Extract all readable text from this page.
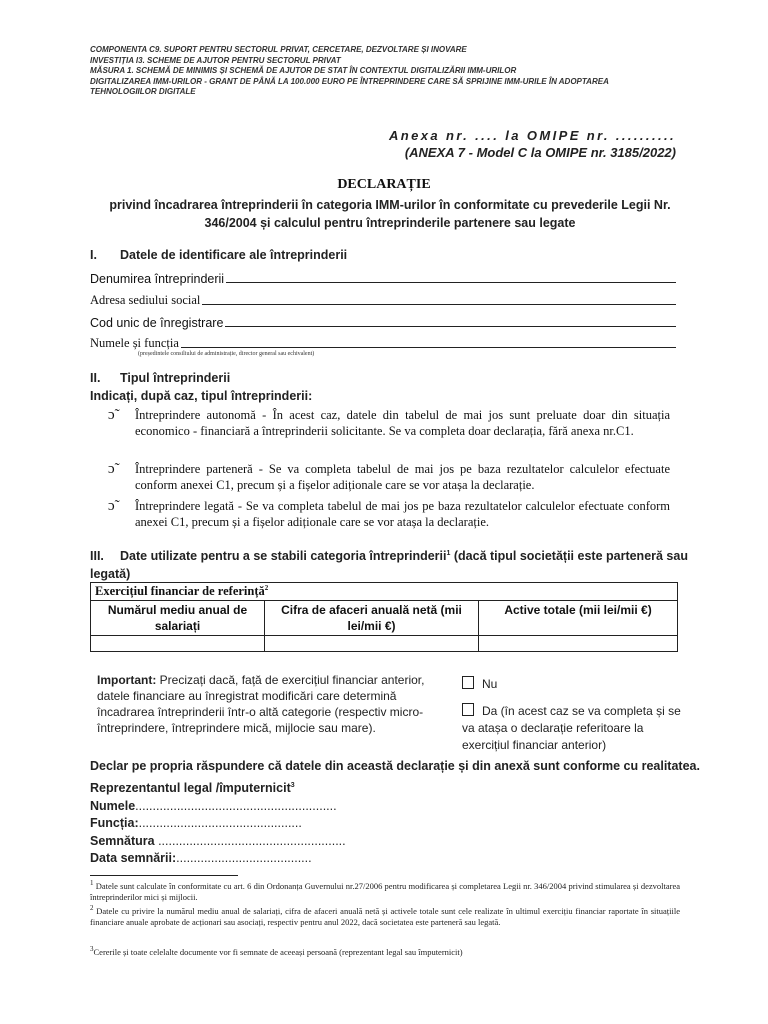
COMPONENTA C9. SUPORT PENTRU SECTORUL PRIVAT, CERCETARE, DEZVOLTARE ȘI INOVARE
INVESTIȚIA I3. SCHEME DE AJUTOR PENTRU SECTORUL PRIVAT
MĂSURA 1. SCHEMĂ DE MINIMIS ȘI SCHEMĂ DE AJUTOR DE STAT ÎN CONTEXTUL DIGITALIZĂRII IMM-URILOR
DIGITALIZAREA IMM-URILOR - GRANT DE PÂNĂ LA 100.000 EURO PE ÎNTREPRINDERE CARE SĂ SPRIJINE IMM-URILE ÎN ADOPTAREA
TEHNOLOGIILOR DIGITALE
Anexa nr. .... la OMIPE nr. ..........
(ANEXA 7 - Model C la OMIPE nr. 3185/2022)
DECLARAȚIE
privind încadrarea întreprinderii în categoria IMM-urilor în conformitate cu prevederile Legii Nr. 346/2004 și calculul pentru întreprinderile partenere sau legate
I. Datele de identificare ale întreprinderii
Denumirea întreprinderii
Adresa sediului social
Cod unic de înregistrare
Numele și funcția
(președintele consiliului de administrație, director general sau echivalent)
II. Tipul întreprinderii
Indicați, după caz, tipul întreprinderii:
ɔ̃	Întreprindere autonomă - În acest caz, datele din tabelul de mai jos sunt preluate doar din situația economico - financiară a întreprinderii solicitante. Se va completa doar declarația, fără anexa nr.C1.
ɔ̃	Întreprindere parteneră - Se va completa tabelul de mai jos pe baza rezultatelor calculelor efectuate conform anexei C1, precum și a fișelor adiționale care se vor atașa la declarație.
ɔ̃	Întreprindere legată - Se va completa tabelul de mai jos pe baza rezultatelor calculelor efectuate conform anexei C1, precum și a fișelor adiționale care se vor atașa la declarație.
III. Date utilizate pentru a se stabili categoria întreprinderii$^1$ (dacă tipul societății este parteneră sau
legată)
Exercițiul financiar de referință$^2$
Numărul mediu anual de salariați	Cifra de afaceri anuală netă (mii lei/mii €)	Active totale (mii lei/mii €)

Important: Precizați dacă, față de exercițiul financiar anterior, datele financiare au înregistrat modificări care determină încadrarea întreprinderii într-o altă categorie (respectiv micro-întreprindere, întreprindere mică, mijlocie sau mare).
Nu
Da (în acest caz se va completa și se va atașa o declarație referitoare la exercițiul financiar anterior)
Declar pe propria răspundere că datele din această declarație și din anexă sunt conforme cu realitatea.
Reprezentantul legal /împuternicit$^3$
Numele..........................................................
Funcția:...............................................
Semnătura ......................................................
Data semnării:.......................................
$^1$ Datele sunt calculate în conformitate cu art. 6 din Ordonanța Guvernului nr.27/2006 pentru modificarea și completarea Legii nr. 346/2004 privind stimularea și dezvoltarea întreprinderilor mici și mijlocii.
$^2$ Datele cu privire la numărul mediu anual de salariați, cifra de afaceri anuală netă și activele totale sunt cele realizate în ultimul exercițiu financiar raportate în situațiile financiare anuale aprobate de acționari sau asociați, respectiv pentru anul 2022, dacă societatea este parteneră sau legată.
$^3$Cererile și toate celelalte documente vor fi semnate de aceeași persoană (reprezentant legal sau împuternicit)
